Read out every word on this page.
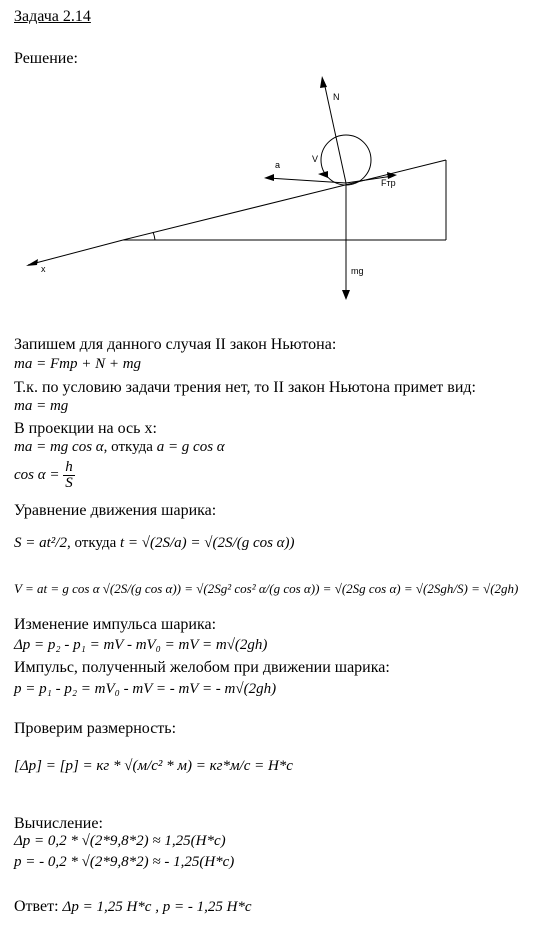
Задача 2.14
Решение:
N
V
a
Fтр
x	mg
Запишем для данного случая II закон Ньютона:
ma = Fтр + N + mg
Т.к. по условию задачи трения нет, то II закон Ньютона примет вид:
ma = mg
В проекции на ось x:
ma = mg cos α, откуда a = g cos α
$\cos \alpha = \frac{h}{S}$
Уравнение движения шарика:
S = at²/2, откуда t = √(2S/a) = √(2S/(g cos α))
V = at = g cos α √(2S/(g cos α)) = √(2Sg² cos² α/(g cos α)) = √(2Sg cos α) = √(2Sgh/S) = √(2gh)
Изменение импульса шарика:
Δp = p₂ - p₁ = mV - mV₀ = mV = m√(2gh)
Импульс, полученный желобом при движении шарика:
p = p₁ - p₂ = mV₀ - mV = - mV = - m√(2gh)
Проверим размерность:
[Δp] = [p] = кг * √(м/с² * м) = кг*м/с = Н*с
Вычисление:
Δp = 0,2 * √(2*9,8*2) ≈ 1,25(Н*с)
p = - 0,2 * √(2*9,8*2) ≈ - 1,25(Н*с)
Ответ: Δp = 1,25 Н*с , p = - 1,25 Н*с
